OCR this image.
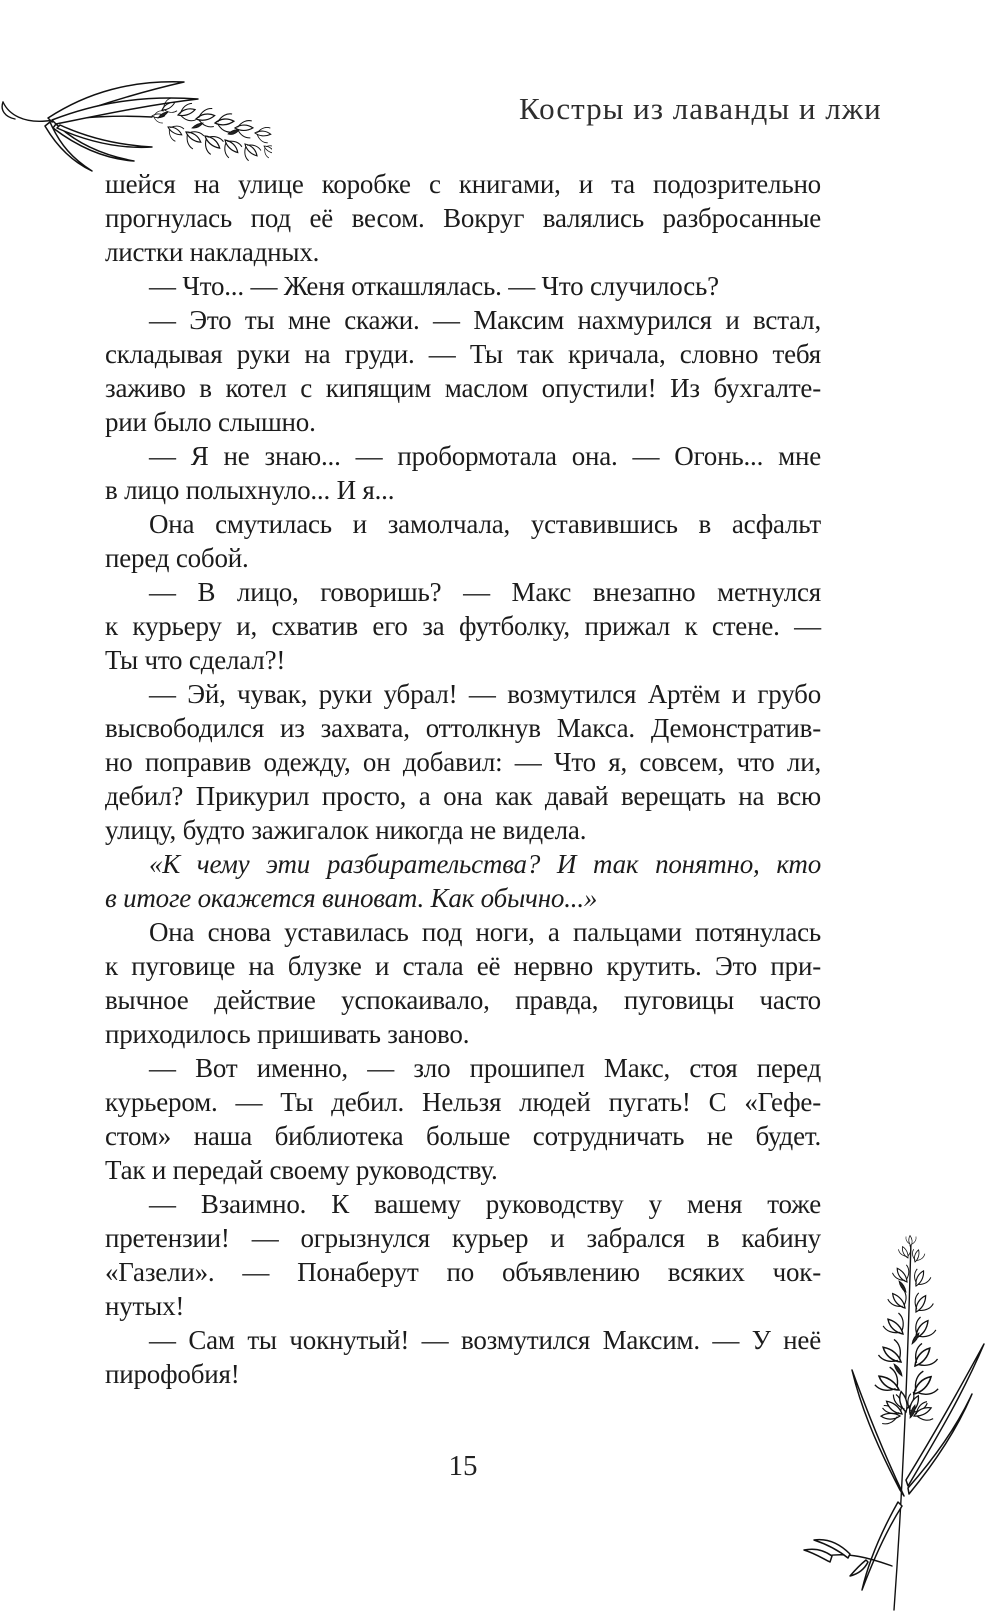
Костры из лаванды и лжи
шейся на улице коробке с книгами, и та подозрительно
прогнулась под её весом. Вокруг валялись разбросанные
листки накладных.
— Что... — Женя откашлялась. — Что случилось?
— Это ты мне скажи. — Максим нахмурился и встал,
складывая руки на груди. — Ты так кричала, словно тебя
заживо в котел с кипящим маслом опустили! Из бухгалте-
рии было слышно.
— Я не знаю... — пробормотала она. — Огонь... мне
в лицо полыхнуло... И я...
Она смутилась и замолчала, уставившись в асфальт
перед собой.
— В лицо, говоришь? — Макс внезапно метнулся
к курьеру и, схватив его за футболку, прижал к стене. —
Ты что сделал?!
— Эй, чувак, руки убрал! — возмутился Артём и грубо
высвободился из захвата, оттолкнув Макса. Демонстратив-
но поправив одежду, он добавил: — Что я, совсем, что ли,
дебил? Прикурил просто, а она как давай верещать на всю
улицу, будто зажигалок никогда не видела.
«К чему эти разбирательства? И так понятно, кто
в итоге окажется виноват. Как обычно...»
Она снова уставилась под ноги, а пальцами потянулась
к пуговице на блузке и стала её нервно крутить. Это при-
вычное действие успокаивало, правда, пуговицы часто
приходилось пришивать заново.
— Вот именно, — зло прошипел Макс, стоя перед
курьером. — Ты дебил. Нельзя людей пугать! С «Гефе-
стом» наша библиотека больше сотрудничать не будет.
Так и передай своему руководству.
— Взаимно. К вашему руководству у меня тоже
претензии! — огрызнулся курьер и забрался в кабину
«Газели». — Понаберут по объявлению всяких чок-
нутых!
— Сам ты чокнутый! — возмутился Максим. — У неё
пирофобия!
15
